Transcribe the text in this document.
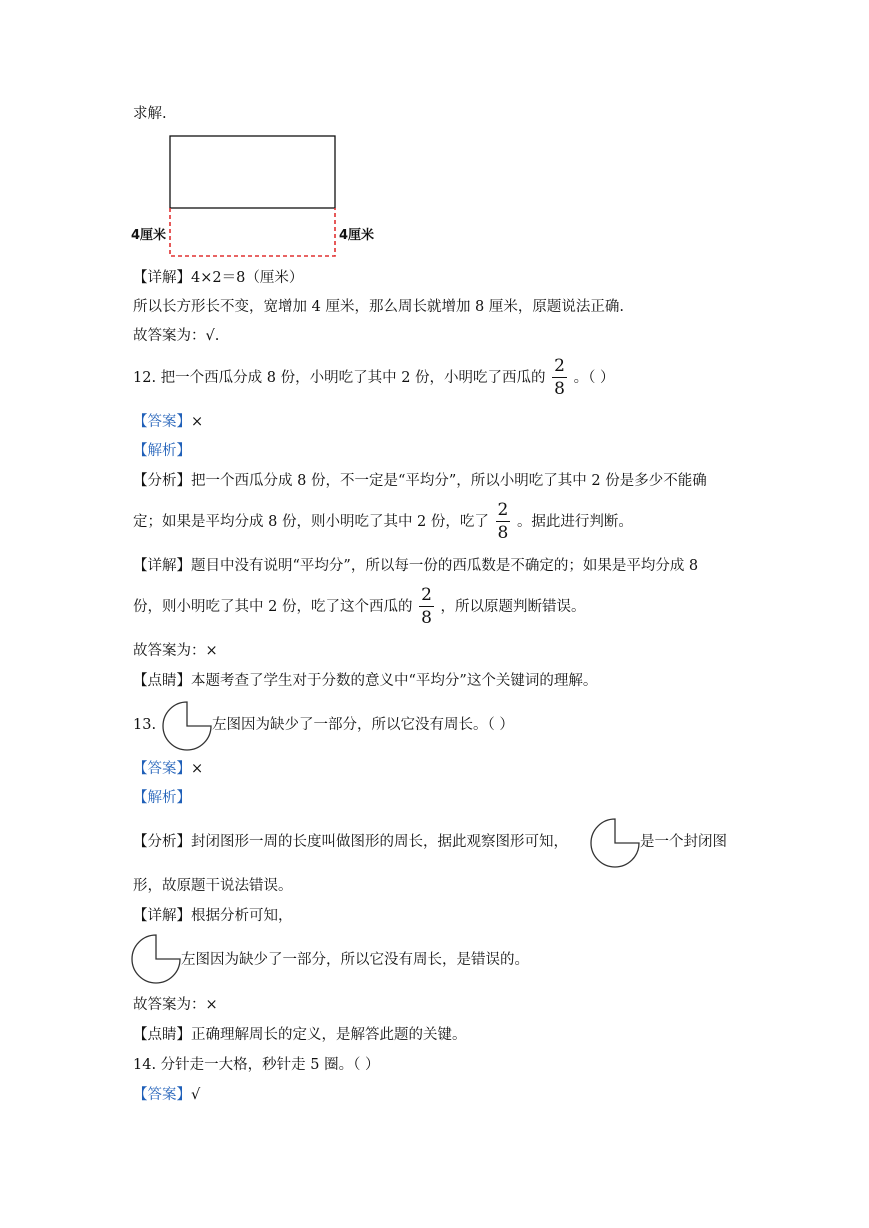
求解.
4厘米	4厘米
【详解】4×2＝8（厘米）
所以长方形长不变，宽增加 4 厘米，那么周长就增加 8 厘米，原题说法正确.
故答案为：√.
12. 把一个西瓜分成 8 份，小明吃了其中 2 份，小明吃了西瓜的 $\frac{2}{8}$ 。（ ）
【答案】×
【解析】
【分析】把一个西瓜分成 8 份，不一定是“平均分”，所以小明吃了其中 2 份是多少不能确
定；如果是平均分成 8 份，则小明吃了其中 2 份，吃了 $\frac{2}{8}$ 。据此进行判断。
【详解】题目中没有说明“平均分”，所以每一份的西瓜数是不确定的；如果是平均分成 8
份，则小明吃了其中 2 份，吃了这个西瓜的 $\frac{2}{8}$ ，所以原题判断错误。
故答案为：×
【点睛】本题考查了学生对于分数的意义中“平均分”这个关键词的理解。
13.	左图因为缺少了一部分，所以它没有周长。（ ）
【答案】×
【解析】
【分析】封闭图形一周的长度叫做图形的周长，据此观察图形可知，	是一个封闭图
形，故原题干说法错误。
【详解】根据分析可知，
左图因为缺少了一部分，所以它没有周长，是错误的。
故答案为：×
【点睛】正确理解周长的定义，是解答此题的关键。
14. 分针走一大格，秒针走 5 圈。（ ）
【答案】√
